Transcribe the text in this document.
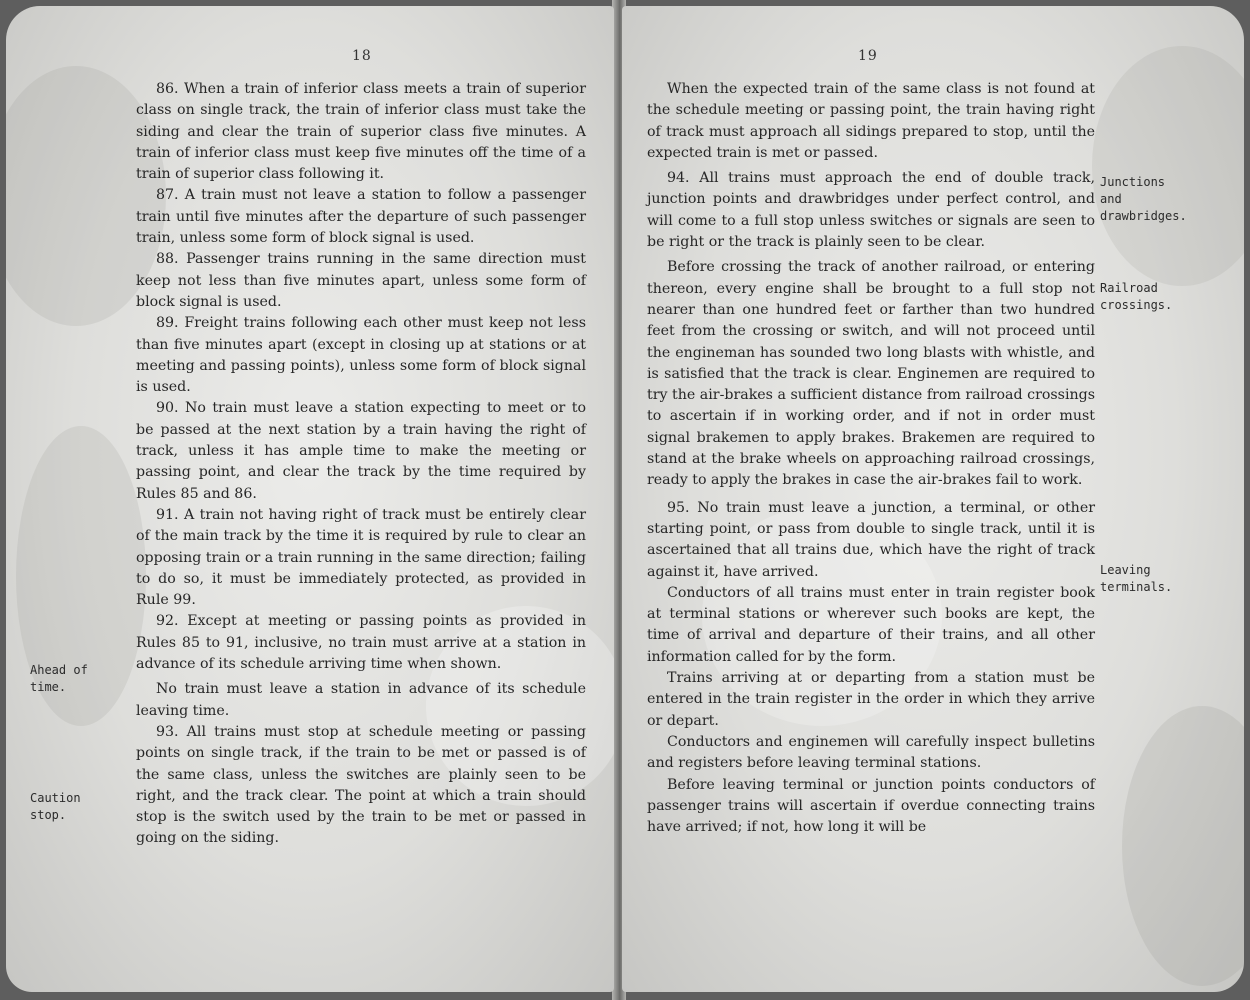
18

86. When a train of inferior class meets a train of superior class on single track, the train of inferior class must take the siding and clear the train of superior class five minutes. A train of inferior class must keep five minutes off the time of a train of superior class following it.

87. A train must not leave a station to follow a passenger train until five minutes after the departure of such passenger train, unless some form of block signal is used.

88. Passenger trains running in the same direction must keep not less than five minutes apart, unless some form of block signal is used.

89. Freight trains following each other must keep not less than five minutes apart (except in closing up at stations or at meeting and passing points), unless some form of block signal is used.

90. No train must leave a station expecting to meet or to be passed at the next station by a train having the right of track, unless it has ample time to make the meeting or passing point, and clear the track by the time required by Rules 85 and 86.

91. A train not having right of track must be entirely clear of the main track by the time it is required by rule to clear an opposing train or a train running in the same direction; failing to do so, it must be immediately protected, as provided in Rule 99.

92. Except at meeting or passing points as provided in Rules 85 to 91, inclusive, no train must arrive at a station in advance of its schedule arriving time when shown.

No train must leave a station in advance of its schedule leaving time.

93. All trains must stop at schedule meeting or passing points on single track, if the train to be met or passed is of the same class, unless the switches are plainly seen to be right, and the track clear. The point at which a train should stop is the switch used by the train to be met or passed in going on the siding.

Ahead of time.
Caution stop.
19

When the expected train of the same class is not found at the schedule meeting or passing point, the train having right of track must approach all sidings prepared to stop, until the expected train is met or passed.

94. All trains must approach the end of double track, junction points and drawbridges under perfect control, and will come to a full stop unless switches or signals are seen to be right or the track is plainly seen to be clear.

Before crossing the track of another railroad, or entering thereon, every engine shall be brought to a full stop not nearer than one hundred feet or farther than two hundred feet from the crossing or switch, and will not proceed until the engineman has sounded two long blasts with whistle, and is satisfied that the track is clear. Enginemen are required to try the air-brakes a sufficient distance from railroad crossings to ascertain if in working order, and if not in order must signal brakemen to apply brakes. Brakemen are required to stand at the brake wheels on approaching railroad crossings, ready to apply the brakes in case the air-brakes fail to work.

95. No train must leave a junction, a terminal, or other starting point, or pass from double to single track, until it is ascertained that all trains due, which have the right of track against it, have arrived.

Conductors of all trains must enter in train register book at terminal stations or wherever such books are kept, the time of arrival and departure of their trains, and all other information called for by the form.

Trains arriving at or departing from a station must be entered in the train register in the order in which they arrive or depart.

Conductors and enginemen will carefully inspect bulletins and registers before leaving terminal stations.

Before leaving terminal or junction points conductors of passenger trains will ascertain if overdue connecting trains have arrived; if not, how long it will be

Junctions and drawbridges.
Railroad crossings.
Leaving terminals.
